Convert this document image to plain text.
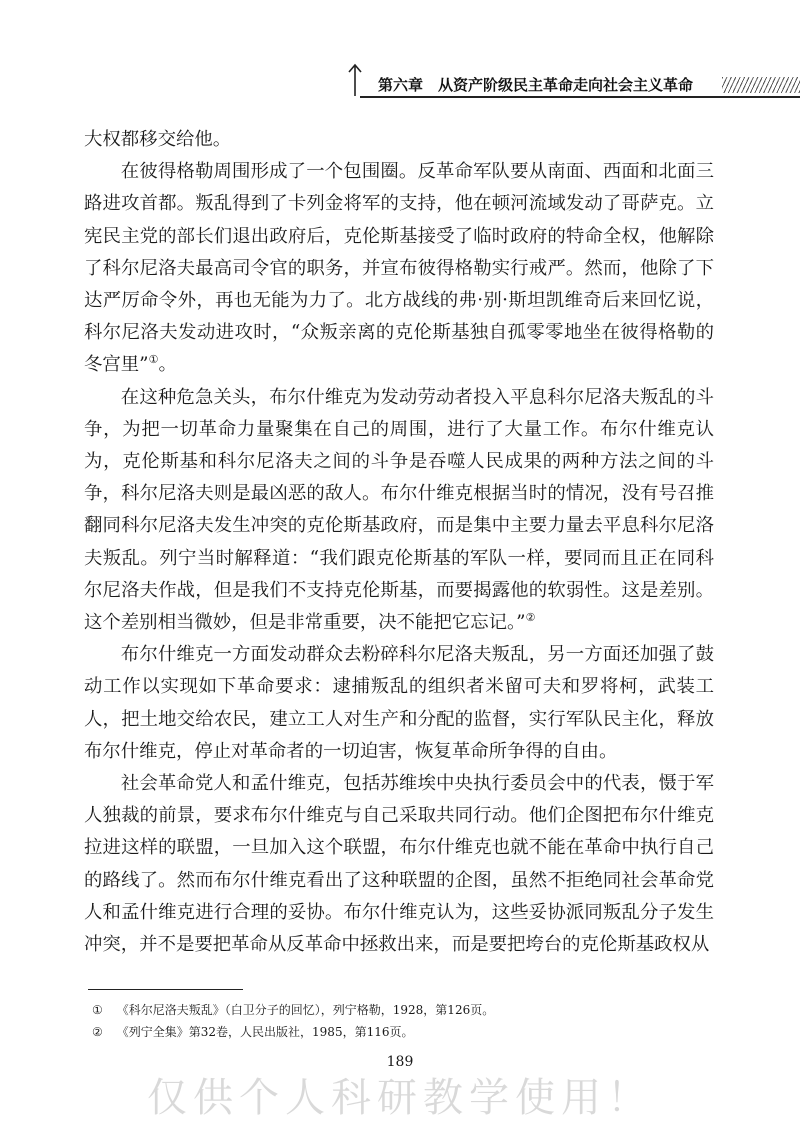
第六章　从资产阶级民主革命走向社会主义革命

大权都移交给他。

在彼得格勒周围形成了一个包围圈。反革命军队要从南面、西面和北面三路进攻首都。叛乱得到了卡列金将军的支持，他在顿河流域发动了哥萨克。立宪民主党的部长们退出政府后，克伦斯基接受了临时政府的特命全权，他解除了科尔尼洛夫最高司令官的职务，并宣布彼得格勒实行戒严。然而，他除了下达严厉命令外，再也无能为力了。北方战线的弗·别·斯坦凯维奇后来回忆说，科尔尼洛夫发动进攻时，“众叛亲离的克伦斯基独自孤零零地坐在彼得格勒的冬宫里”①。

在这种危急关头，布尔什维克为发动劳动者投入平息科尔尼洛夫叛乱的斗争，为把一切革命力量聚集在自己的周围，进行了大量工作。布尔什维克认为，克伦斯基和科尔尼洛夫之间的斗争是吞噬人民成果的两种方法之间的斗争，科尔尼洛夫则是最凶恶的敌人。布尔什维克根据当时的情况，没有号召推翻同科尔尼洛夫发生冲突的克伦斯基政府，而是集中主要力量去平息科尔尼洛夫叛乱。列宁当时解释道：“我们跟克伦斯基的军队一样，要同而且正在同科尔尼洛夫作战，但是我们不支持克伦斯基，而要揭露他的软弱性。这是差别。这个差别相当微妙，但是非常重要，决不能把它忘记。”②

布尔什维克一方面发动群众去粉碎科尔尼洛夫叛乱，另一方面还加强了鼓动工作以实现如下革命要求：逮捕叛乱的组织者米留可夫和罗将柯，武装工人，把土地交给农民，建立工人对生产和分配的监督，实行军队民主化，释放布尔什维克，停止对革命者的一切迫害，恢复革命所争得的自由。

社会革命党人和孟什维克，包括苏维埃中央执行委员会中的代表，慑于军人独裁的前景，要求布尔什维克与自己采取共同行动。他们企图把布尔什维克拉进这样的联盟，一旦加入这个联盟，布尔什维克也就不能在革命中执行自己的路线了。然而布尔什维克看出了这种联盟的企图，虽然不拒绝同社会革命党人和孟什维克进行合理的妥协。布尔什维克认为，这些妥协派同叛乱分子发生冲突，并不是要把革命从反革命中拯救出来，而是要把垮台的克伦斯基政权从

① 《科尔尼洛夫叛乱》（白卫分子的回忆），列宁格勒，1928，第126页。
② 《列宁全集》第32卷，人民出版社，1985，第116页。
189
仅供个人科研教学使用！
